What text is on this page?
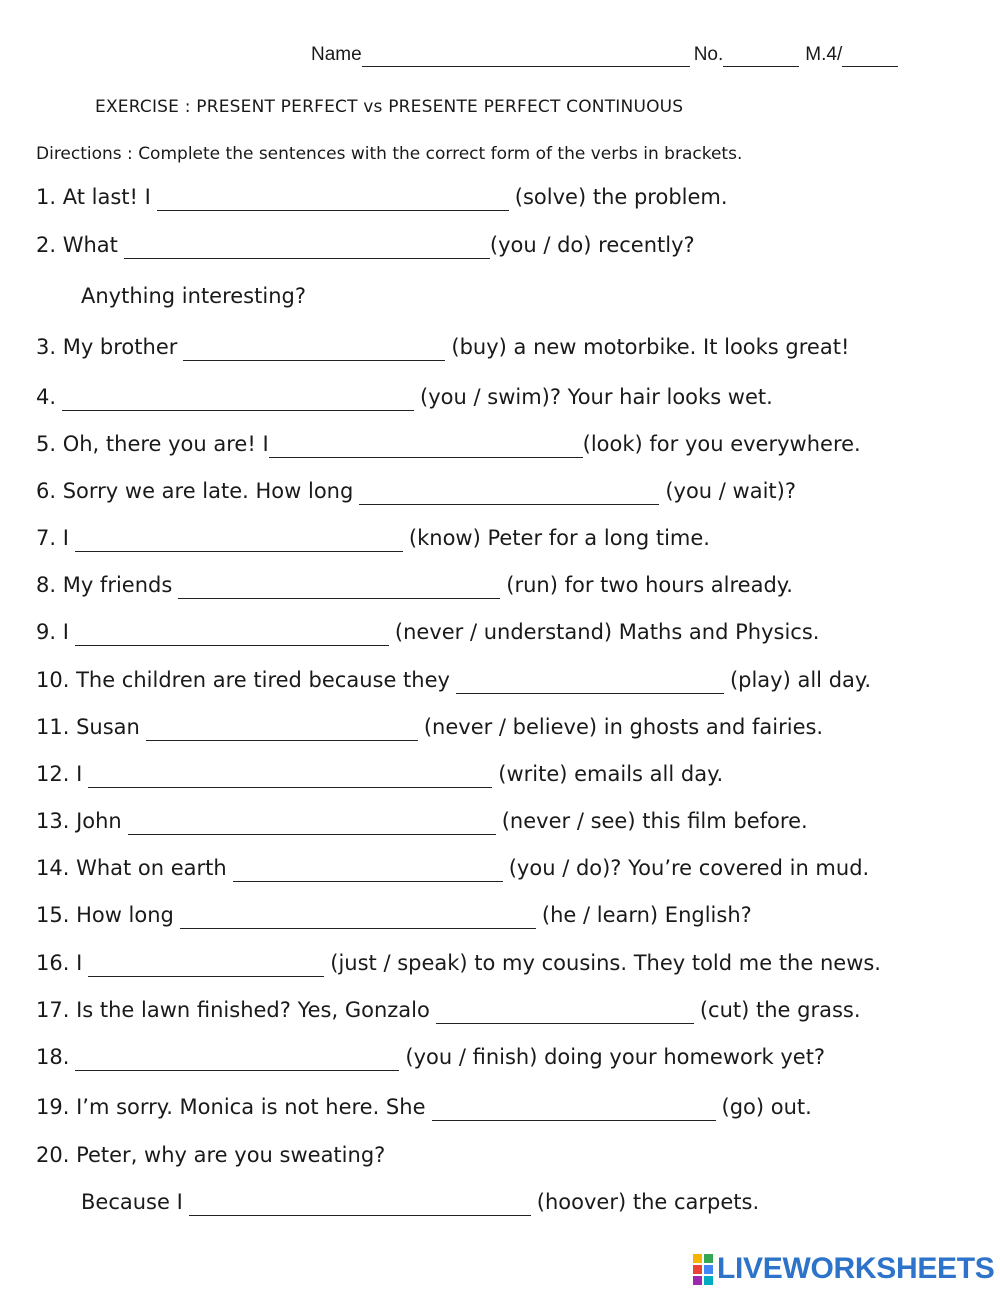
Name	No.	M.4/
EXERCISE : PRESENT PERFECT vs PRESENTE PERFECT CONTINUOUS
Directions : Complete the sentences with the correct form of the verbs in brackets.
1. At last! I	(solve) the problem.
2. What	(you / do) recently?
Anything interesting?
3. My brother	(buy) a new motorbike. It looks great!
4.	(you / swim)? Your hair looks wet.
5. Oh, there you are! I	(look) for you everywhere.
6. Sorry we are late. How long	(you / wait)?
7. I	(know) Peter for a long time.
8. My friends	(run) for two hours already.
9. I	(never / understand) Maths and Physics.
10. The children are tired because they	(play) all day.
11. Susan	(never / believe) in ghosts and fairies.
12. I	(write) emails all day.
13. John	(never / see) this film before.
14. What on earth	(you / do)? You’re covered in mud.
15. How long	(he / learn) English?
16. I	(just / speak) to my cousins. They told me the news.
17. Is the lawn finished? Yes, Gonzalo	(cut) the grass.
18.	(you / finish) doing your homework yet?
19. I’m sorry. Monica is not here. She	(go) out.
20. Peter, why are you sweating?
Because I	(hoover) the carpets.
LIVEWORKSHEETS
